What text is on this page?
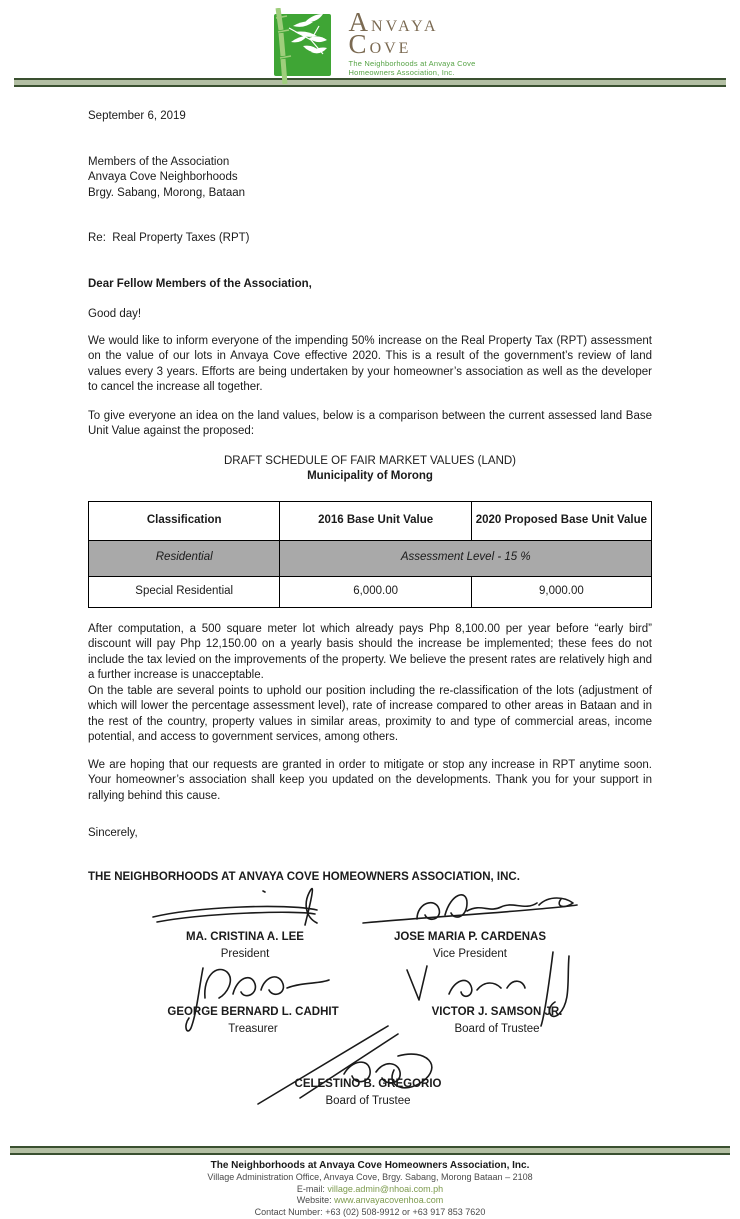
Anvaya
Cove
The Neighborhoods at Anvaya Cove
Homeowners Association, Inc.
September 6, 2019
Members of the Association
Anvaya Cove Neighborhoods
Brgy. Sabang, Morong, Bataan
Re:  Real Property Taxes (RPT)
Dear Fellow Members of the Association,
Good day!

We would like to inform everyone of the impending 50% increase on the Real Property Tax (RPT) assessment on the value of our lots in Anvaya Cove effective 2020. This is a result of the government’s review of land values every 3 years. Efforts are being undertaken by your homeowner’s association as well as the developer to cancel the increase all together.

To give everyone an idea on the land values, below is a comparison between the current assessed land Base Unit Value against the proposed:

DRAFT SCHEDULE OF FAIR MARKET VALUES (LAND)
Municipality of Morong
Classification	2016 Base Unit Value	2020 Proposed Base Unit Value
Residential	Assessment Level - 15 %	
Special Residential	6,000.00	9,000.00

After computation, a 500 square meter lot which already pays Php 8,100.00 per year before “early bird” discount will pay Php 12,150.00 on a yearly basis should the increase be implemented; these fees do not include the tax levied on the improvements of the property. We believe the present rates are relatively high and a further increase is unacceptable.

On the table are several points to uphold our position including the re-classification of the lots (adjustment of which will lower the percentage assessment level), rate of increase compared to other areas in Bataan and in the rest of the country, property values in similar areas, proximity to and type of commercial areas, income potential, and access to government services, among others.

We are hoping that our requests are granted in order to mitigate or stop any increase in RPT anytime soon. Your homeowner’s association shall keep you updated on the developments. Thank you for your support in rallying behind this cause.

Sincerely,
THE NEIGHBORHOODS AT ANVAYA COVE HOMEOWNERS ASSOCIATION, INC.
MA. CRISTINA A. LEE
President
JOSE MARIA P. CARDENAS
Vice President
GEORGE BERNARD L. CADHIT
Treasurer
VICTOR J. SAMSON JR.
Board of Trustee
CELESTINO B. GREGORIO
Board of Trustee
The Neighborhoods at Anvaya Cove Homeowners Association, Inc.
Village Administration Office, Anvaya Cove, Brgy. Sabang, Morong Bataan – 2108
E-mail: village.admin@nhoai.com.ph
Website: www.anvayacovenhoa.com
Contact Number: +63 (02) 508-9912 or +63 917 853 7620
